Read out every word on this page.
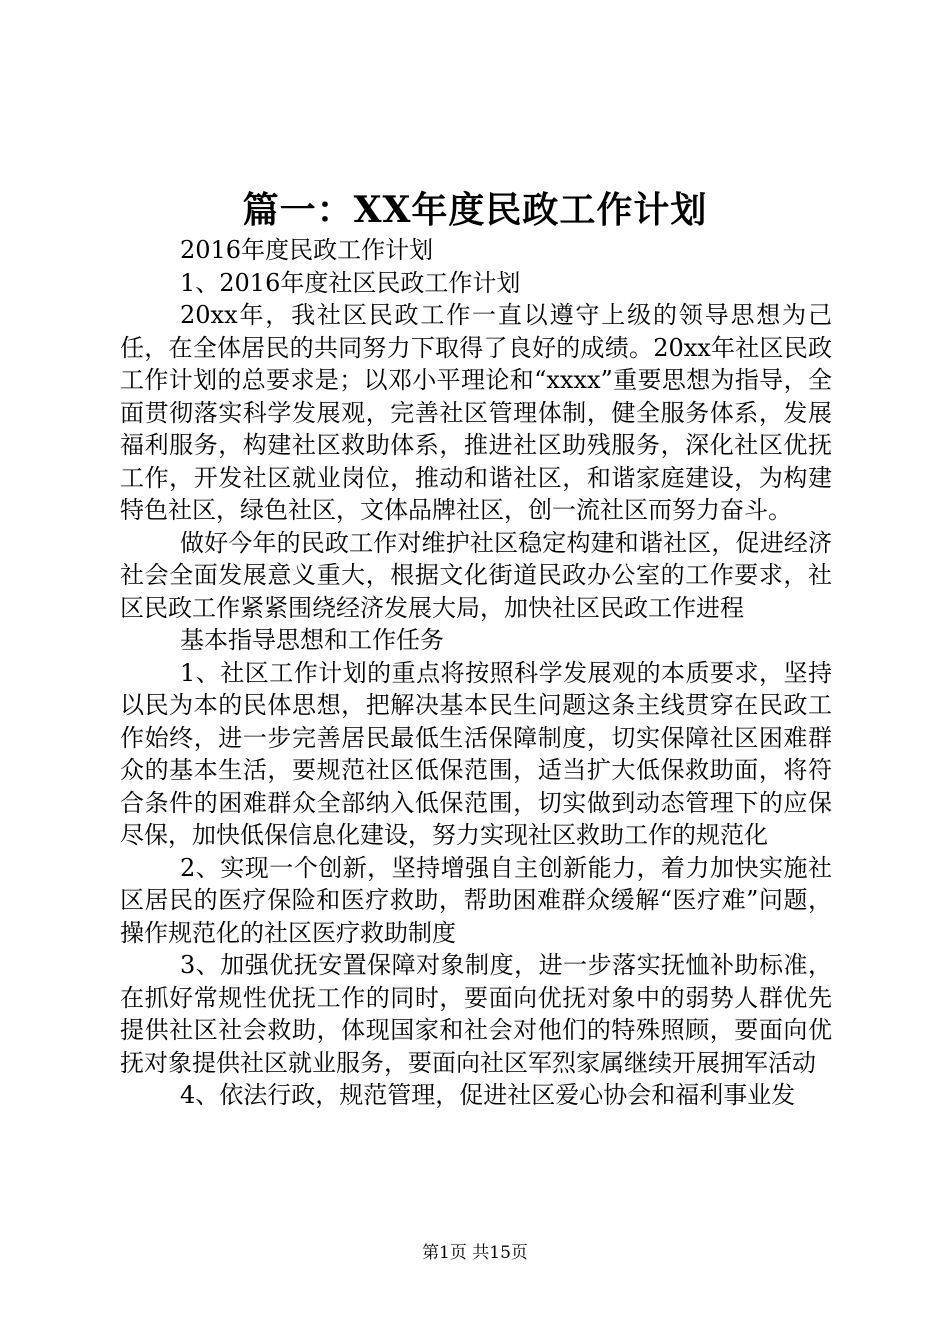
篇一：XX年度民政工作计划

2016年度民政工作计划

1、2016年度社区民政工作计划

20xx年，我社区民政工作一直以遵守上级的领导思想为己任，在全体居民的共同努力下取得了良好的成绩。20xx年社区民政工作计划的总要求是；以邓小平理论和“xxxx”重要思想为指导，全面贯彻落实科学发展观，完善社区管理体制，健全服务体系，发展福利服务，构建社区救助体系，推进社区助残服务，深化社区优抚工作，开发社区就业岗位，推动和谐社区，和谐家庭建设，为构建特色社区，绿色社区，文体品牌社区，创一流社区而努力奋斗。

做好今年的民政工作对维护社区稳定构建和谐社区，促进经济社会全面发展意义重大，根据文化街道民政办公室的工作要求，社区民政工作紧紧围绕经济发展大局，加快社区民政工作进程

基本指导思想和工作任务

1、社区工作计划的重点将按照科学发展观的本质要求，坚持以民为本的民体思想，把解决基本民生问题这条主线贯穿在民政工作始终，进一步完善居民最低生活保障制度，切实保障社区困难群众的基本生活，要规范社区低保范围，适当扩大低保救助面，将符合条件的困难群众全部纳入低保范围，切实做到动态管理下的应保尽保，加快低保信息化建设，努力实现社区救助工作的规范化

2、实现一个创新，坚持增强自主创新能力，着力加快实施社区居民的医疗保险和医疗救助，帮助困难群众缓解“医疗难”问题，操作规范化的社区医疗救助制度

3、加强优抚安置保障对象制度，进一步落实抚恤补助标准，在抓好常规性优抚工作的同时，要面向优抚对象中的弱势人群优先提供社区社会救助，体现国家和社会对他们的特殊照顾，要面向优抚对象提供社区就业服务，要面向社区军烈家属继续开展拥军活动

4、依法行政，规范管理，促进社区爱心协会和福利事业发

第1页 共15页
